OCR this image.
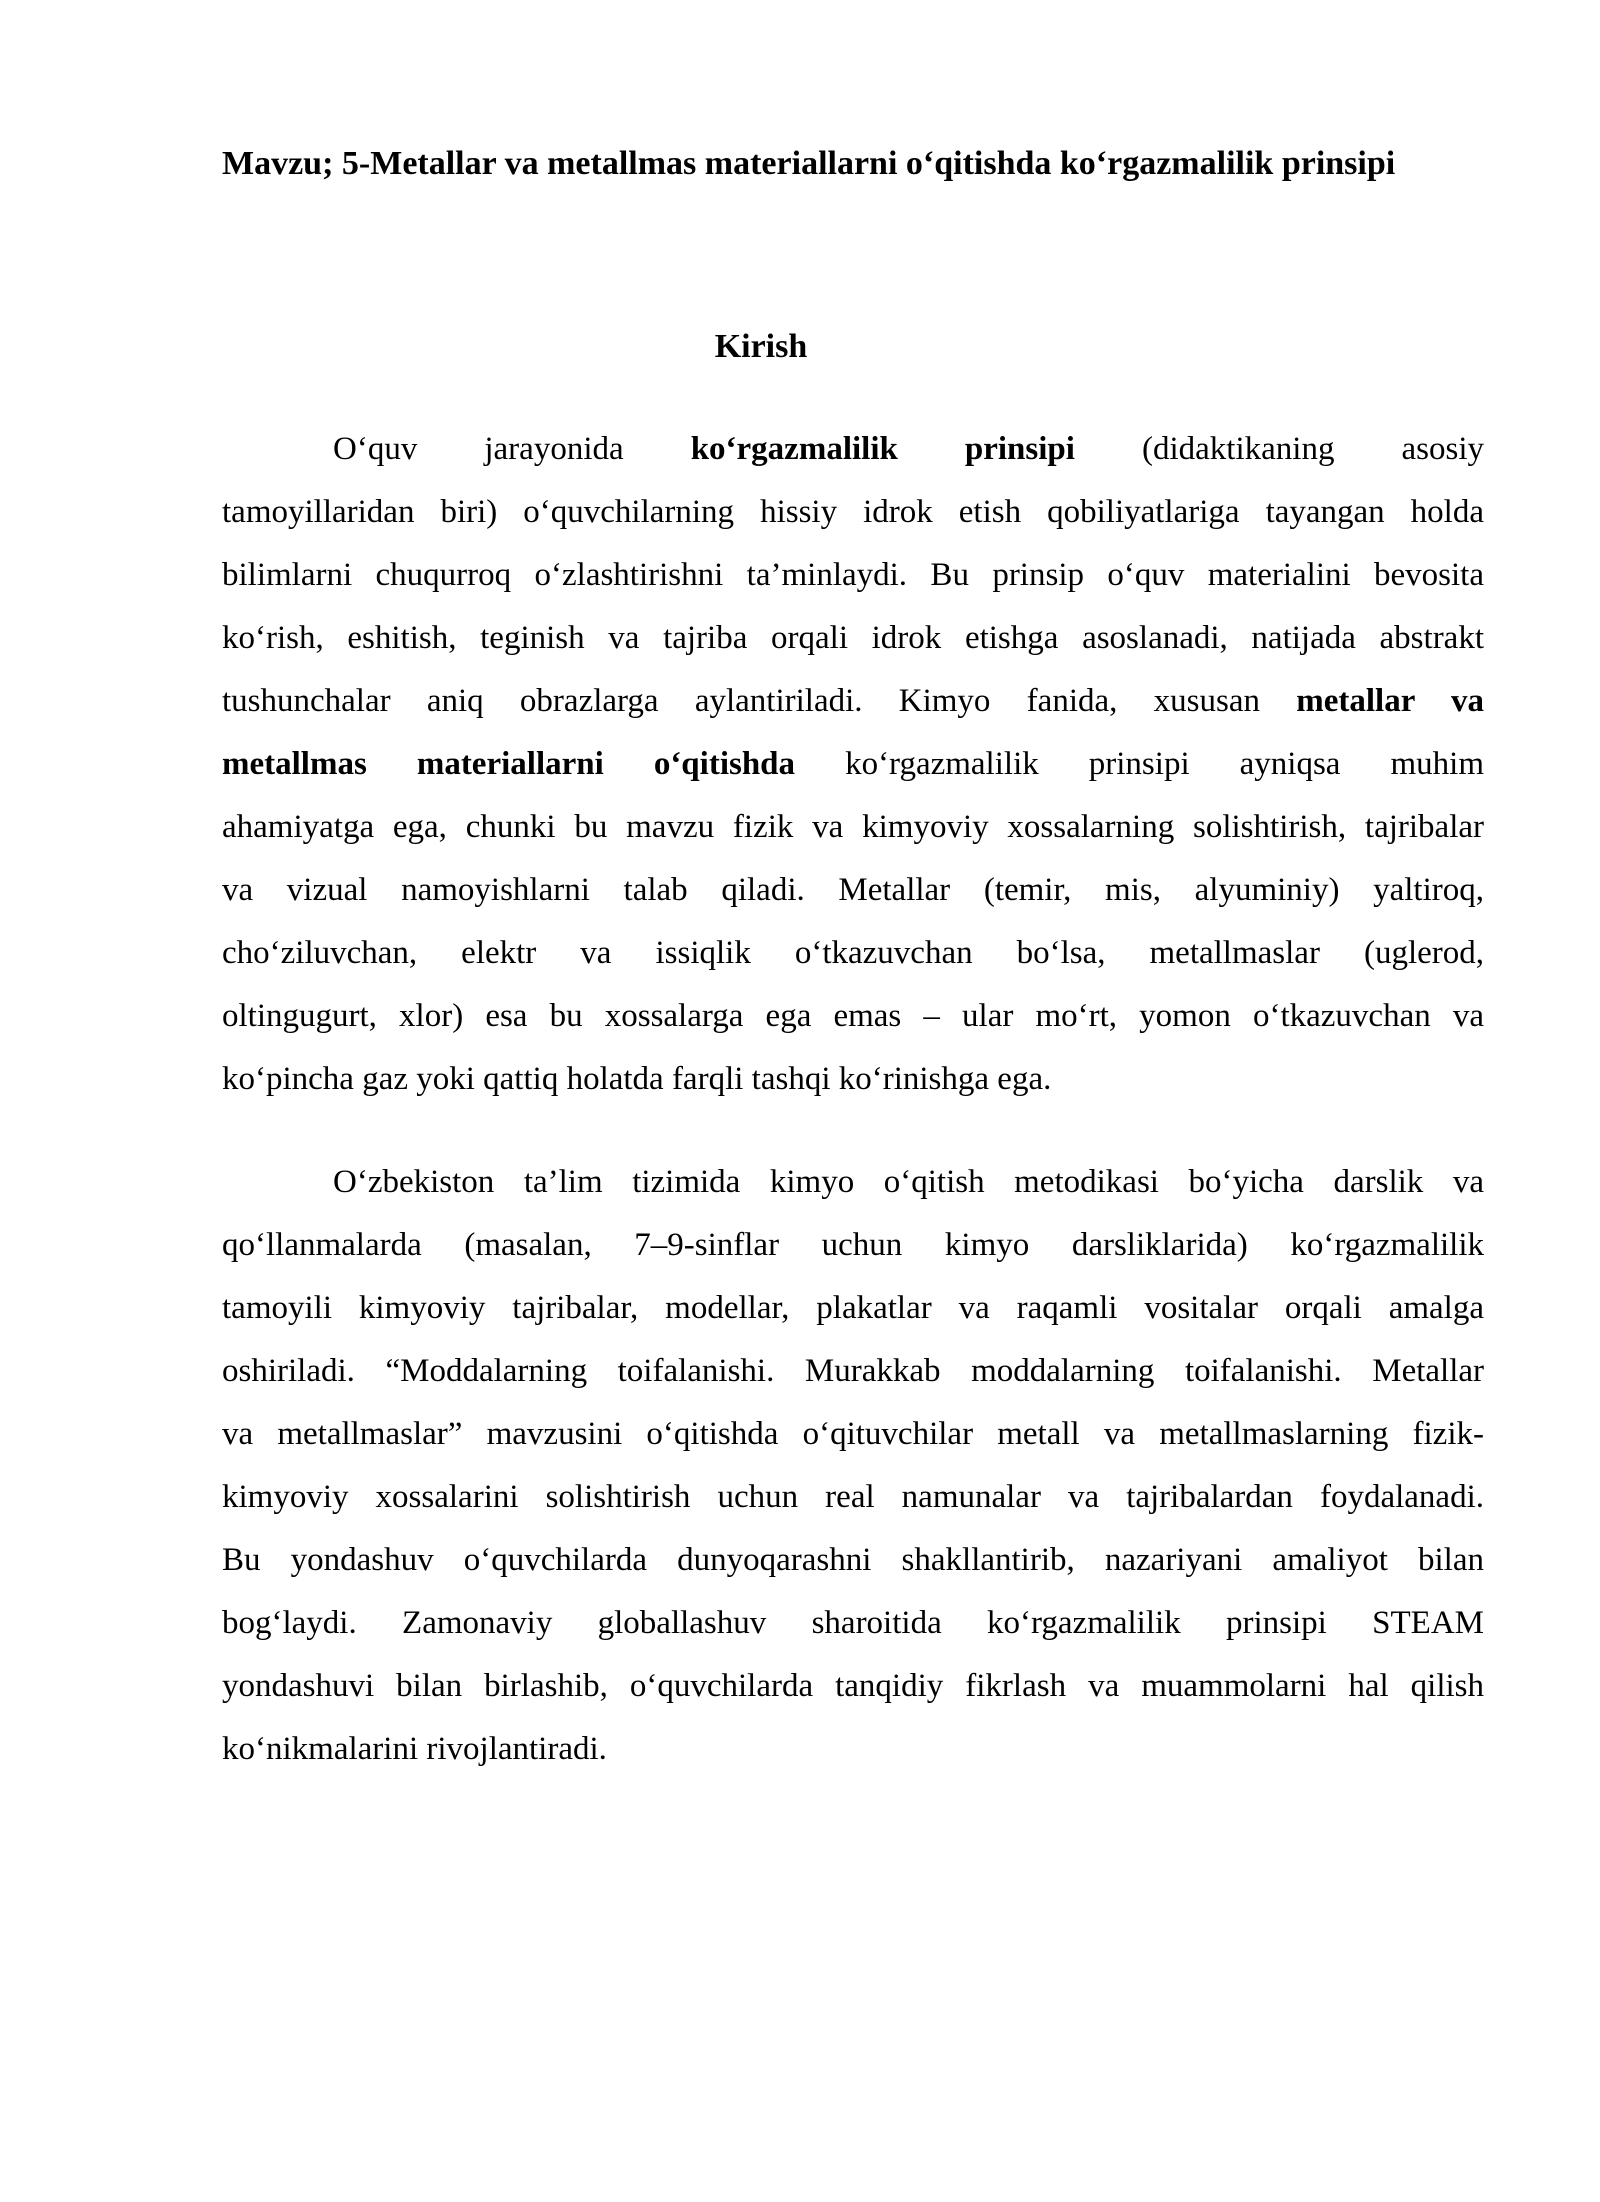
Mavzu; 5-Metallar va metallmas materiallarni o‘qitishda ko‘rgazmalilik prinsipi
Kirish
O‘quv jarayonida ko‘rgazmalilik prinsipi (didaktikaning asosiy
tamoyillaridan biri) o‘quvchilarning hissiy idrok etish qobiliyatlariga tayangan holda
bilimlarni chuqurroq o‘zlashtirishni ta’minlaydi. Bu prinsip o‘quv materialini bevosita
ko‘rish, eshitish, teginish va tajriba orqali idrok etishga asoslanadi, natijada abstrakt
tushunchalar aniq obrazlarga aylantiriladi. Kimyo fanida, xususan metallar va
metallmas materiallarni o‘qitishda ko‘rgazmalilik prinsipi ayniqsa muhim
ahamiyatga ega, chunki bu mavzu fizik va kimyoviy xossalarning solishtirish, tajribalar
va vizual namoyishlarni talab qiladi. Metallar (temir, mis, alyuminiy) yaltiroq,
cho‘ziluvchan, elektr va issiqlik o‘tkazuvchan bo‘lsa, metallmaslar (uglerod,
oltingugurt, xlor) esa bu xossalarga ega emas – ular mo‘rt, yomon o‘tkazuvchan va
ko‘pincha gaz yoki qattiq holatda farqli tashqi ko‘rinishga ega.
O‘zbekiston ta’lim tizimida kimyo o‘qitish metodikasi bo‘yicha darslik va
qo‘llanmalarda (masalan, 7–9-sinflar uchun kimyo darsliklarida) ko‘rgazmalilik
tamoyili kimyoviy tajribalar, modellar, plakatlar va raqamli vositalar orqali amalga
oshiriladi. “Moddalarning toifalanishi. Murakkab moddalarning toifalanishi. Metallar
va metallmaslar” mavzusini o‘qitishda o‘qituvchilar metall va metallmaslarning fizik-
kimyoviy xossalarini solishtirish uchun real namunalar va tajribalardan foydalanadi.
Bu yondashuv o‘quvchilarda dunyoqarashni shakllantirib, nazariyani amaliyot bilan
bog‘laydi. Zamonaviy globallashuv sharoitida ko‘rgazmalilik prinsipi STEAM
yondashuvi bilan birlashib, o‘quvchilarda tanqidiy fikrlash va muammolarni hal qilish
ko‘nikmalarini rivojlantiradi.
